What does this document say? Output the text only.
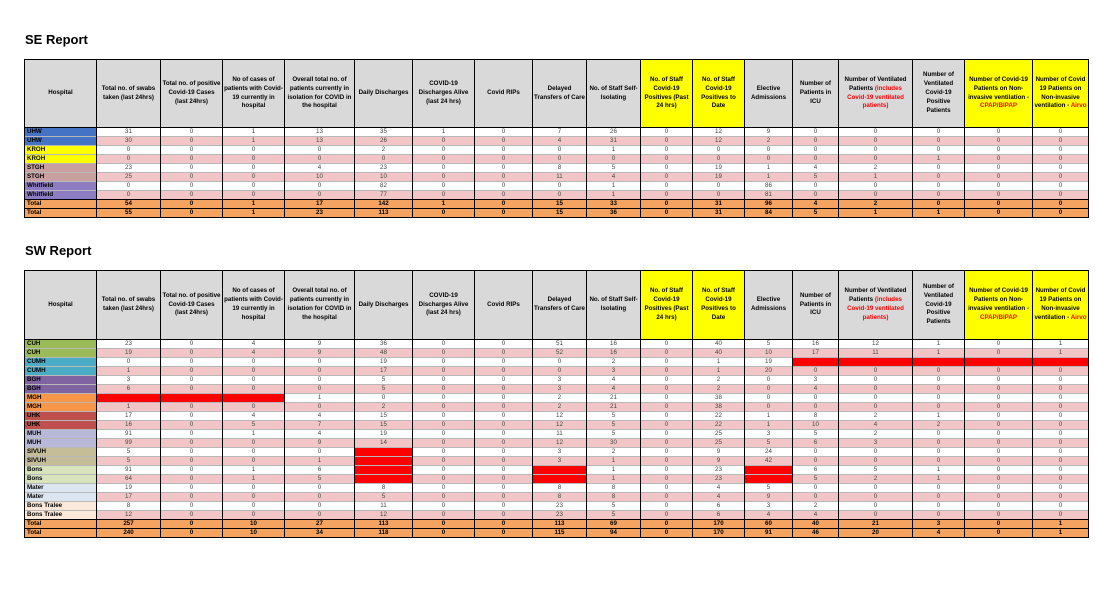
SE Report
Hospital	Total no. of swabs taken (last 24hrs)	Total no. of positive Covid-19 Cases (last 24hrs)	No of cases of patients with Covid-19 currently in hospital	Overall total no. of patients currently in isolation for COVID in the hospital	Daily Discharges	COVID-19 Discharges Alive (last 24 hrs)	Covid RIPs	Delayed Transfers of Care	No. of Staff Self-Isolating	No. of Staff Covid-19 Positives (Past 24 hrs)	No. of Staff Covid-19 Positives to Date	Elective Admissions	Number of Patients in ICU	Number of Ventilated Patients (includes Covid-19 ventilated patients)	Number of Ventilated Covid-19 Positive Patients	Number of Covid-19 Patients on Non-invasive ventilation - CPAP/BIPAP	Number of Covid 19 Patients on Non-invasive ventilation - Airvo
UHW	31	0	1	13	35	1	0	7	26	0	12	9	0	0	0	0	0
UHW	30	0	1	13	26	0	0	4	31	0	12	2	0	0	0	0	0
KROH	0	0	0	0	2	0	0	0	1	0	0	0	0	0	0	0	0
KROH	0	0	0	0	0	0	0	0	0	0	0	0	0	0	1	0	0
STGH	23	0	0	4	23	0	0	8	5	0	19	1	4	2	0	0	0
STGH	25	0	0	10	10	0	0	11	4	0	19	1	5	1	0	0	0
Whitfield	0	0	0	0	82	0	0	0	1	0	0	86	0	0	0	0	0
Whitfield	0	0	0	0	77	0	0	0	1	0	0	81	0	0	0	0	0
Total	54	0	1	17	142	1	0	15	33	0	31	96	4	2	0	0	0
Total	55	0	1	23	113	0	0	15	36	0	31	84	5	1	1	0	0
SW Report
Hospital	Total no. of swabs taken (last 24hrs)	Total no. of positive Covid-19 Cases (last 24hrs)	No of cases of patients with Covid-19 currently in hospital	Overall total no. of patients currently in isolation for COVID in the hospital	Daily Discharges	COVID-19 Discharges Alive (last 24 hrs)	Covid RIPs	Delayed Transfers of Care	No. of Staff Self-Isolating	No. of Staff Covid-19 Positives (Past 24 hrs)	No. of Staff Covid-19 Positives to Date	Elective Admissions	Number of Patients in ICU	Number of Ventilated Patients (includes Covid-19 ventilated patients)	Number of Ventilated Covid-19 Positive Patients	Number of Covid-19 Patients on Non-invasive ventilation - CPAP/BIPAP	Number of Covid 19 Patients on Non-invasive ventilation - Airvo
CUH	23	0	4	9	36	0	0	51	16	0	40	5	16	12	1	0	1
CUH	19	0	4	9	48	0	0	52	16	0	40	10	17	11	1	0	1
CUMH	0	0	0	0	19	0	0	0	2	0	1	19					
CUMH	1	0	0	0	17	0	0	0	3	0	1	20	0	0	0	0	0
BGH	3	0	0	0	5	0	0	3	4	0	2	0	3	0	0	0	0
BGH	6	0	0	0	5	0	0	3	4	0	2	0	4	0	0	0	0
MGH				1	0	0	0	2	21	0	38	0	0	0	0	0	0
MGH	1	0	0	0	2	0	0	2	21	0	38	0	0	0	0	0	0
UHK	17	0	4	4	15	0	0	12	5	0	22	1	8	2	1	0	0
UHK	16	0	5	7	15	0	0	12	5	0	22	1	10	4	2	0	0
MUH	91	0	1	4	19	0	0	11	5	0	25	3	5	2	0	0	0
MUH	99	0	0	9	14	0	0	12	30	0	25	5	6	3	0	0	0
SIVUH	5	0	0	0		0	0	3	2	0	9	24	0	0	0	0	0
SIVUH	5	0	0	1		0	0	3	1	0	9	42	0	0	0	0	0
Bons	91	0	1	6		0	0		1	0	23		6	5	1	0	0
Bons	64	0	1	5		0	0		1	0	23		5	2	1	0	0
Mater	19	0	0	0	8	0	0	8	8	0	4	5	0	0	0	0	0
Mater	17	0	0	0	5	0	0	8	8	0	4	9	0	0	0	0	0
Bons Tralee	8	0	0	0	11	0	0	23	5	0	6	3	2	0	0	0	0
Bons Tralee	12	0	0	0	12	0	0	23	5	0	6	4	4	0	0	0	0
Total	257	0	10	27	113	0	0	113	69	0	170	60	40	21	3	0	1
Total	240	0	10	34	118	0	0	115	94	0	170	91	46	20	4	0	1
